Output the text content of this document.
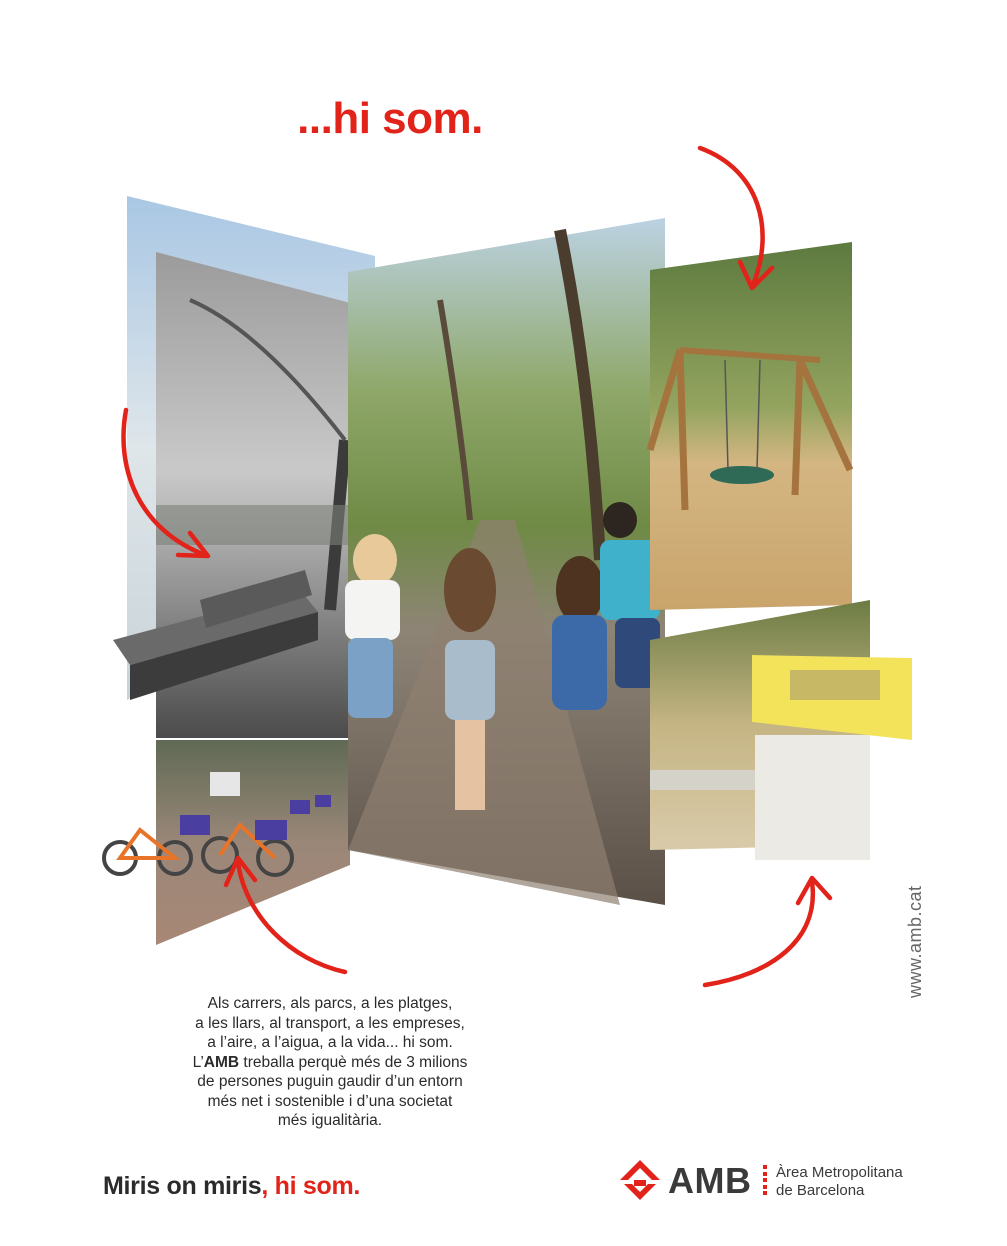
...hi som.
Als carrers, als parcs, a les platges,
a les llars, al transport, a les empreses,
a l’aire, a l’aigua, a la vida... hi som.
L’AMB treballa perquè més de 3 milions
de persones puguin gaudir d’un entorn
més net i sostenible i d’una societat
més igualitària.
www.amb.cat
Miris on miris, hi som.	AMB Àrea Metropolitana
de Barcelona
